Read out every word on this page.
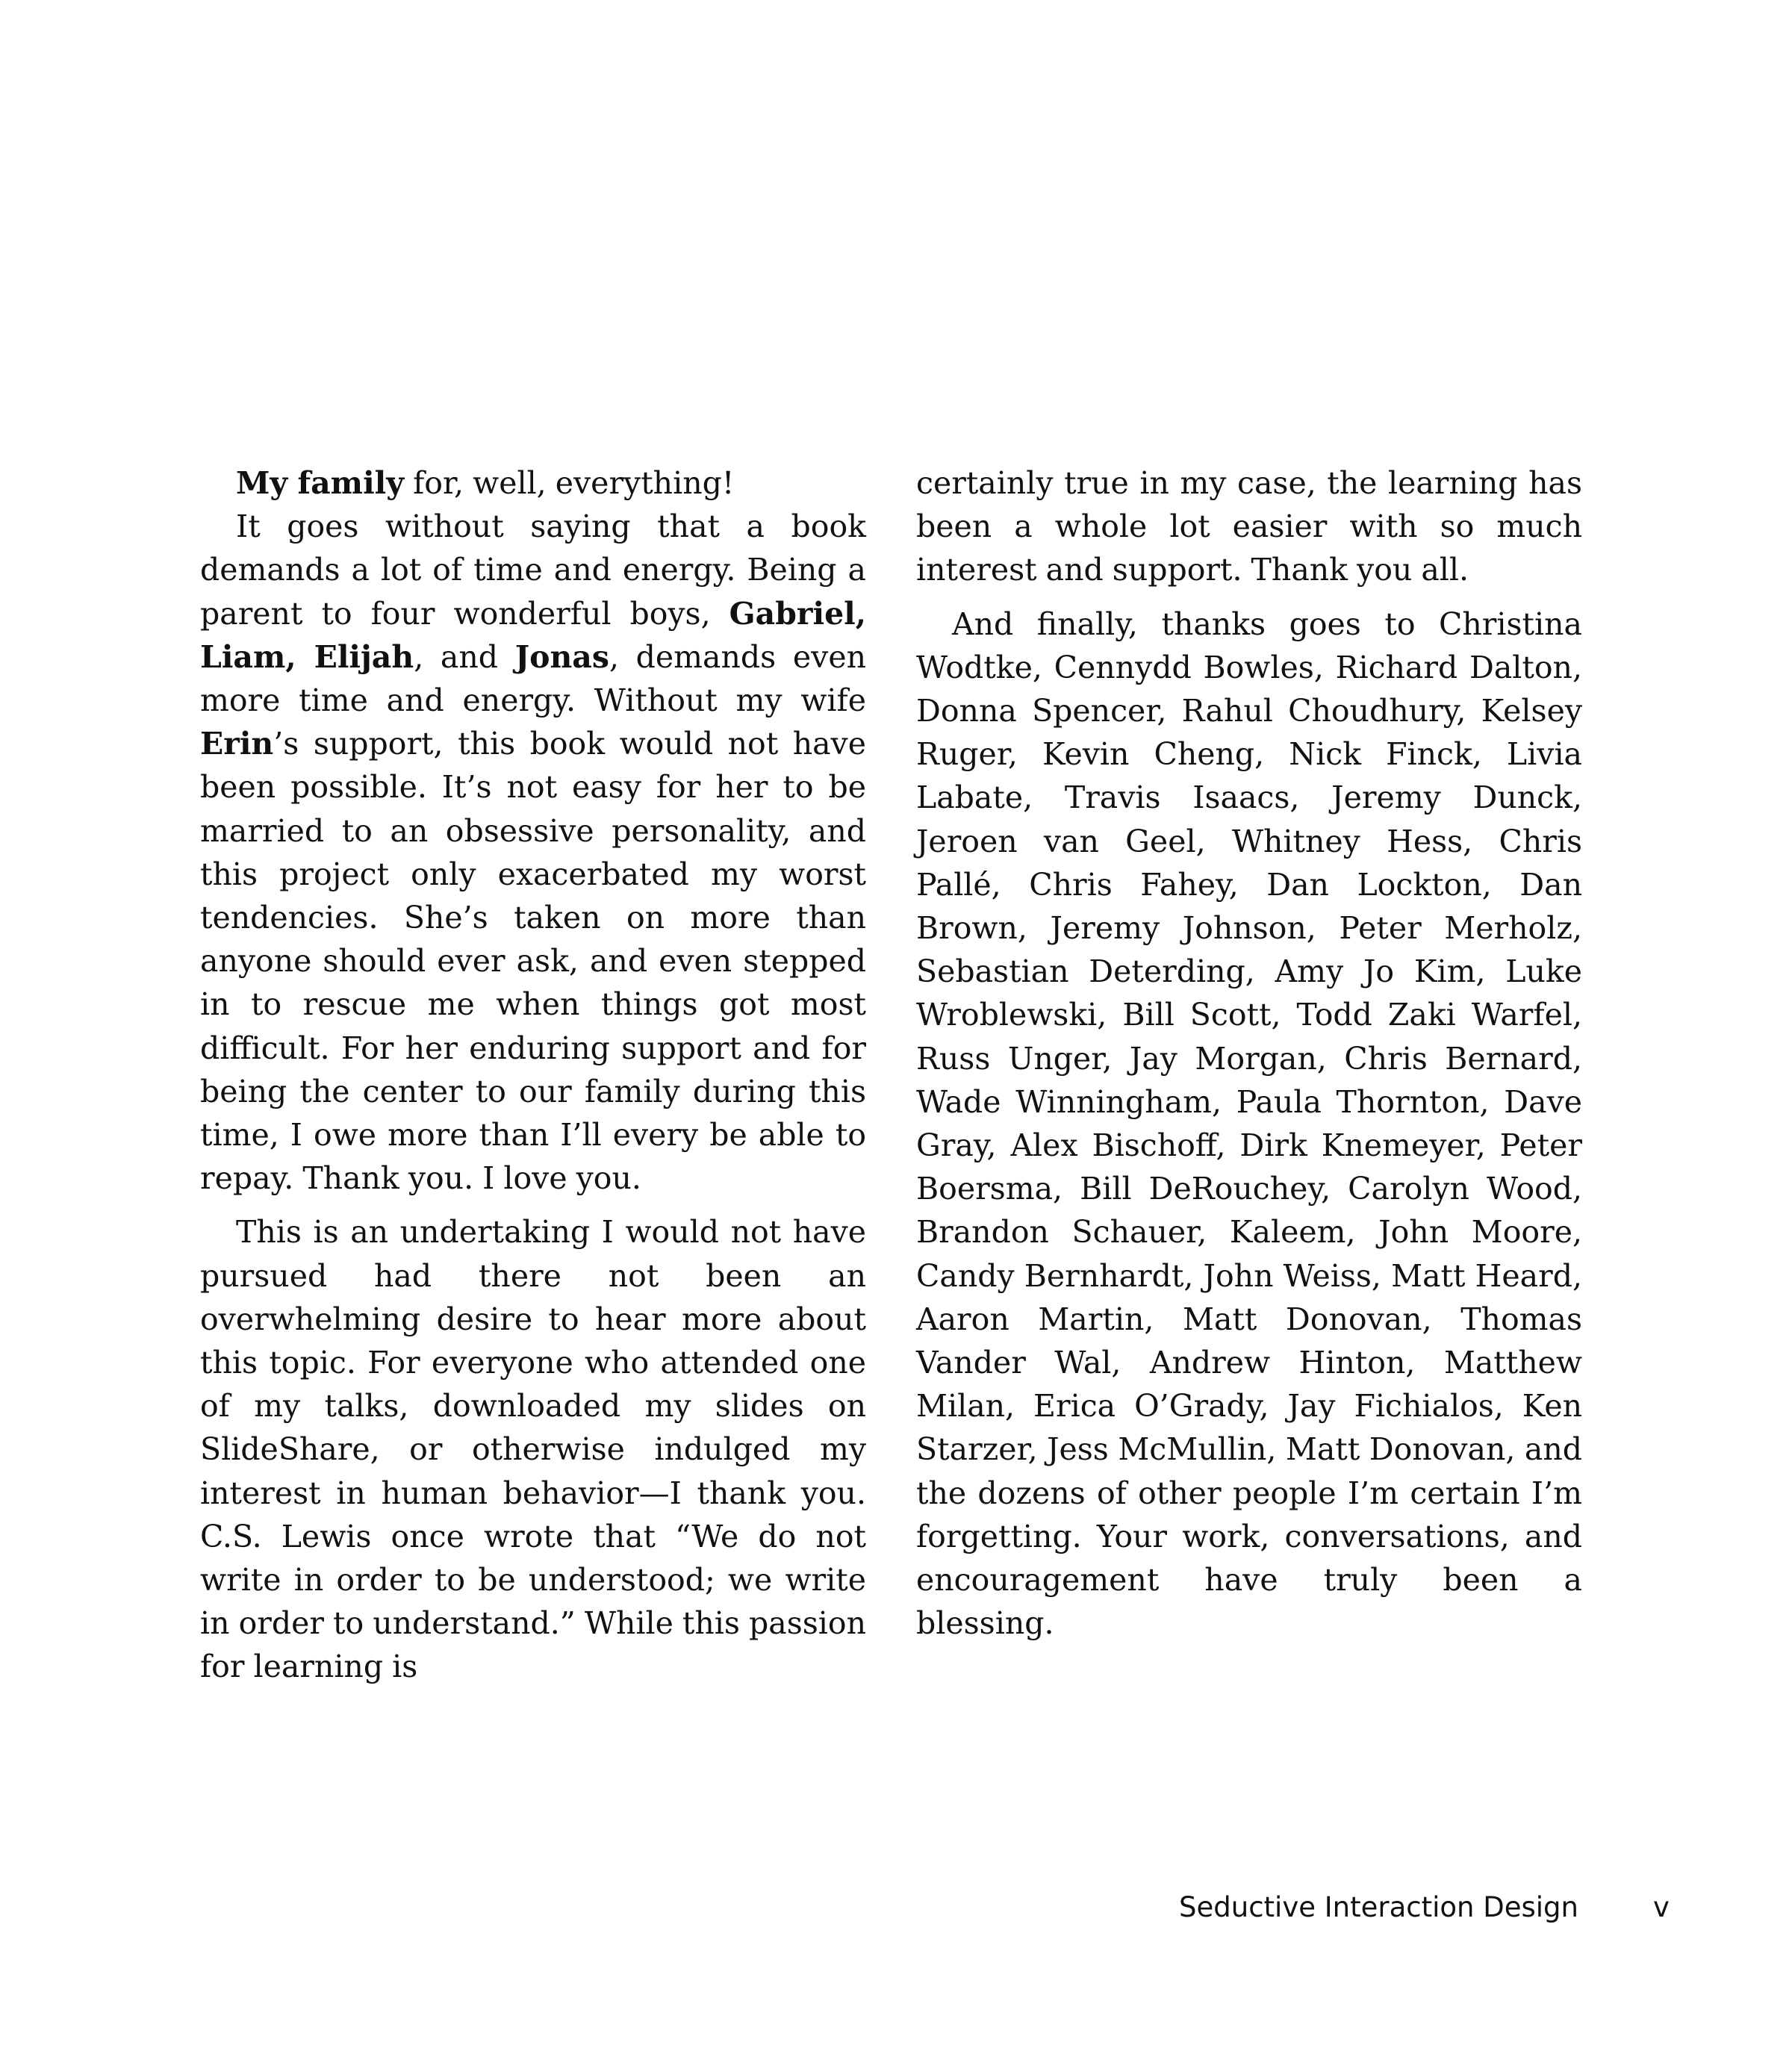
My family for, well, everything!

It goes without saying that a book demands a lot of time and energy. Being a parent to four wonderful boys, Gabriel, Liam, Elijah, and Jonas, demands even more time and energy. Without my wife Erin’s support, this book would not have been possible. It’s not easy for her to be married to an obsessive personality, and this project only exacerbated my worst tendencies. She’s taken on more than anyone should ever ask, and even stepped in to rescue me when things got most difficult. For her enduring support and for being the center to our family during this time, I owe more than I’ll every be able to repay. Thank you. I love you.

This is an undertaking I would not have pursued had there not been an overwhelming desire to hear more about this topic. For everyone who attended one of my talks, downloaded my slides on SlideShare, or otherwise indulged my interest in human behavior—I thank you. C.S. Lewis once wrote that “We do not write in order to be understood; we write in order to understand.” While this passion for learning is

certainly true in my case, the learning has been a whole lot easier with so much interest and support. Thank you all.

And finally, thanks goes to Christina Wodtke, Cennydd Bowles, Richard Dalton, Donna Spencer, Rahul Choudhury, Kelsey Ruger, Kevin Cheng, Nick Finck, Livia Labate, Travis Isaacs, Jeremy Dunck, Jeroen van Geel, Whitney Hess, Chris Pallé, Chris Fahey, Dan Lockton, Dan Brown, Jeremy Johnson, Peter Merholz, Sebastian Deterding, Amy Jo Kim, Luke Wroblewski, Bill Scott, Todd Zaki Warfel, Russ Unger, Jay Morgan, Chris Bernard, Wade Winningham, Paula Thornton, Dave Gray, Alex Bischoff, Dirk Knemeyer, Peter Boersma, Bill DeRouchey, Carolyn Wood, Brandon Schauer, Kaleem, John Moore, Candy Bernhardt, John Weiss, Matt Heard, Aaron Martin, Matt Donovan, Thomas Vander Wal, Andrew Hinton, Matthew Milan, Erica O’Grady, Jay Fichialos, Ken Starzer, Jess McMullin, Matt Donovan, and the dozens of other people I’m certain I’m forgetting. Your work, conversations, and encouragement have truly been a blessing.

Seductive Interaction Design	v
